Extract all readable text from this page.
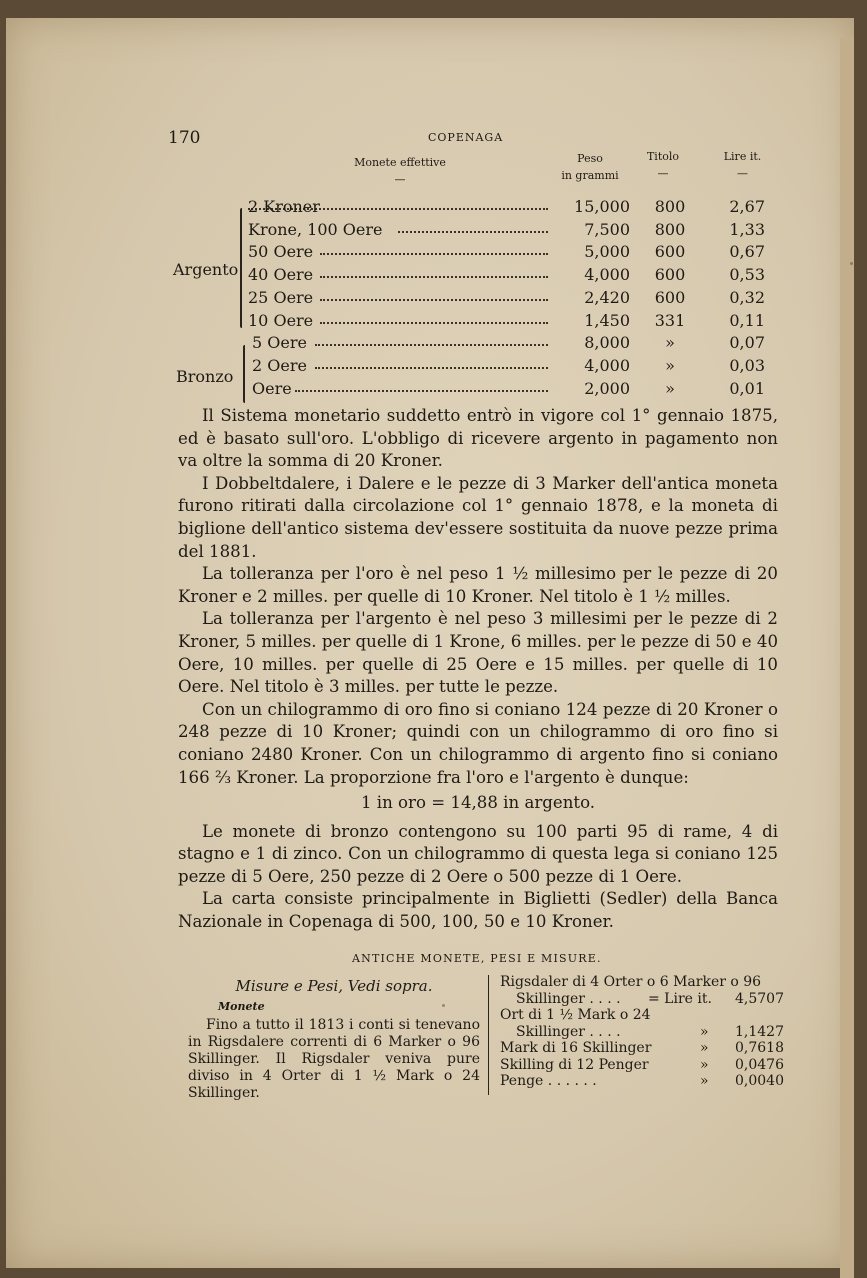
170	COPENAGA
Monete effettive
—
Peso
in grammi
Titolo
—
Lire it.
—
Argento
Bronzo
2 Kroner	15,000	800	2,67
Krone, 100 Oere	7,500	800	1,33
50 Oere	5,000	600	0,67
40 Oere	4,000	600	0,53
25 Oere	2,420	600	0,32
10 Oere	1,450	331	0,11
5 Oere	8,000	»	0,07
2 Oere	4,000	»	0,03
Oere	2,000	»	0,01

Il Sistema monetario suddetto entrò in vigore col 1° gennaio 1875, ed è basato sull'oro. L'obbligo di ricevere argento in pagamento non va oltre la somma di 20 Kroner.

I Dobbeltdalere, i Dalere e le pezze di 3 Marker dell'antica moneta furono ritirati dalla circolazione col 1° gennaio 1878, e la moneta di biglione dell'antico sistema dev'essere sostituita da nuove pezze prima del 1881.

La tolleranza per l'oro è nel peso 1 ½ millesimo per le pezze di 20 Kroner e 2 milles. per quelle di 10 Kroner. Nel titolo è 1 ½ milles.

La tolleranza per l'argento è nel peso 3 millesimi per le pezze di 2 Kroner, 5 milles. per quelle di 1 Krone, 6 milles. per le pezze di 50 e 40 Oere, 10 milles. per quelle di 25 Oere e 15 milles. per quelle di 10 Oere. Nel titolo è 3 milles. per tutte le pezze.

Con un chilogrammo di oro fino si coniano 124 pezze di 20 Kroner o 248 pezze di 10 Kroner; quindi con un chilogrammo di oro fino si coniano 2480 Kroner. Con un chilogrammo di argento fino si coniano 166 ⅔ Kroner. La proporzione fra l'oro e l'argento è dunque:

1 in oro = 14,88 in argento.

Le monete di bronzo contengono su 100 parti 95 di rame, 4 di stagno e 1 di zinco. Con un chilogrammo di questa lega si coniano 125 pezze di 5 Oere, 250 pezze di 2 Oere o 500 pezze di 1 Oere.

La carta consiste principalmente in Biglietti (Sedler) della Banca Nazionale in Copenaga di 500, 100, 50 e 10 Kroner.

ANTICHE MONETE, PESI E MISURE.
Misure e Pesi, Vedi sopra.
Monete
Fino a tutto il 1813 i conti si tenevano in Rigsdalere correnti di 6 Marker o 96 Skillinger. Il Rigsdaler veniva pure diviso in 4 Orter di 1 ½ Mark o 24 Skillinger.
Rigsdaler di 4 Orter o 6 Marker o 96
Skillinger . . . . = Lire it. 4,5707
Ort di 1 ½ Mark o 24
Skillinger . . . .	» 1,1427
Mark di 16 Skillinger	» 0,7618
Skilling di 12 Penger	» 0,0476
Penge . . . . . .	» 0,0040
